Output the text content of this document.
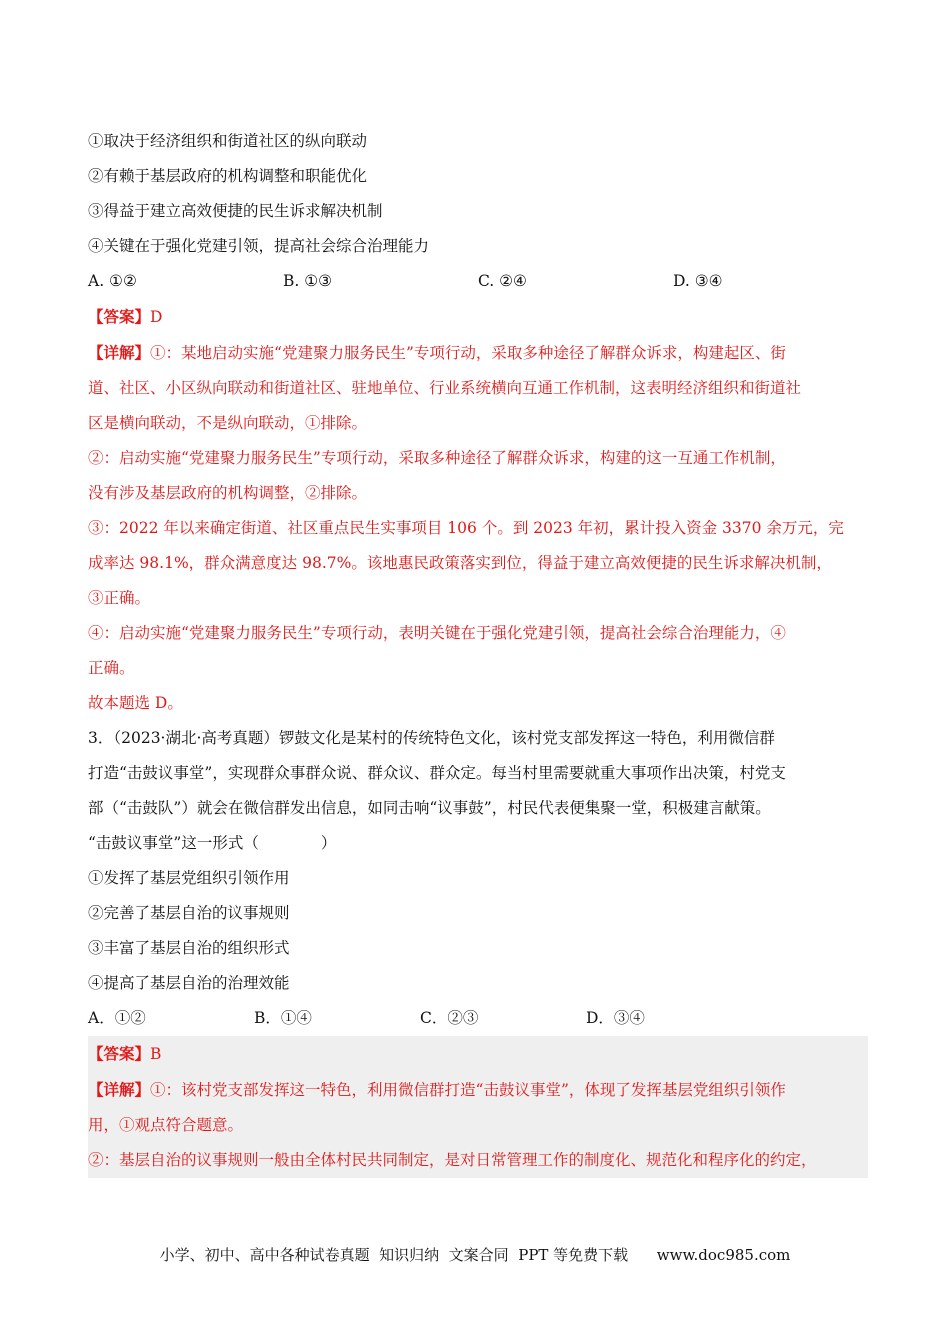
①取决于经济组织和街道社区的纵向联动
②有赖于基层政府的机构调整和职能优化
③得益于建立高效便捷的民生诉求解决机制
④关键在于强化党建引领，提高社会综合治理能力
A. ①②	B. ①③	C. ②④	D. ③④
【答案】D
【详解】①：某地启动实施“党建聚力服务民生”专项行动，采取多种途径了解群众诉求，构建起区、街
道、社区、小区纵向联动和街道社区、驻地单位、行业系统横向互通工作机制，这表明经济组织和街道社
区是横向联动，不是纵向联动，①排除。
②：启动实施“党建聚力服务民生”专项行动，采取多种途径了解群众诉求，构建的这一互通工作机制，
没有涉及基层政府的机构调整，②排除。
③：2022 年以来确定街道、社区重点民生实事项目 106 个。到 2023 年初，累计投入资金 3370 余万元，完
成率达 98.1%，群众满意度达 98.7%。该地惠民政策落实到位，得益于建立高效便捷的民生诉求解决机制，
③正确。
④：启动实施“党建聚力服务民生”专项行动，表明关键在于强化党建引领，提高社会综合治理能力，④
正确。
故本题选 D。
3．（2023·湖北·高考真题）锣鼓文化是某村的传统特色文化，该村党支部发挥这一特色，利用微信群
打造“击鼓议事堂”，实现群众事群众说、群众议、群众定。每当村里需要就重大事项作出决策，村党支
部（“击鼓队”）就会在微信群发出信息，如同击响“议事鼓”，村民代表便集聚一堂，积极建言献策。
“击鼓议事堂”这一形式（　　　　）
①发挥了基层党组织引领作用
②完善了基层自治的议事规则
③丰富了基层自治的组织形式
④提高了基层自治的治理效能
A．①②	B．①④	C．②③	D．③④
【答案】B
【详解】①：该村党支部发挥这一特色，利用微信群打造“击鼓议事堂”，体现了发挥基层党组织引领作
用，①观点符合题意。
②：基层自治的议事规则一般由全体村民共同制定，是对日常管理工作的制度化、规范化和程序化的约定，
小学、初中、高中各种试卷真题  知识归纳  文案合同  PPT 等免费下载      www.doc985.com
